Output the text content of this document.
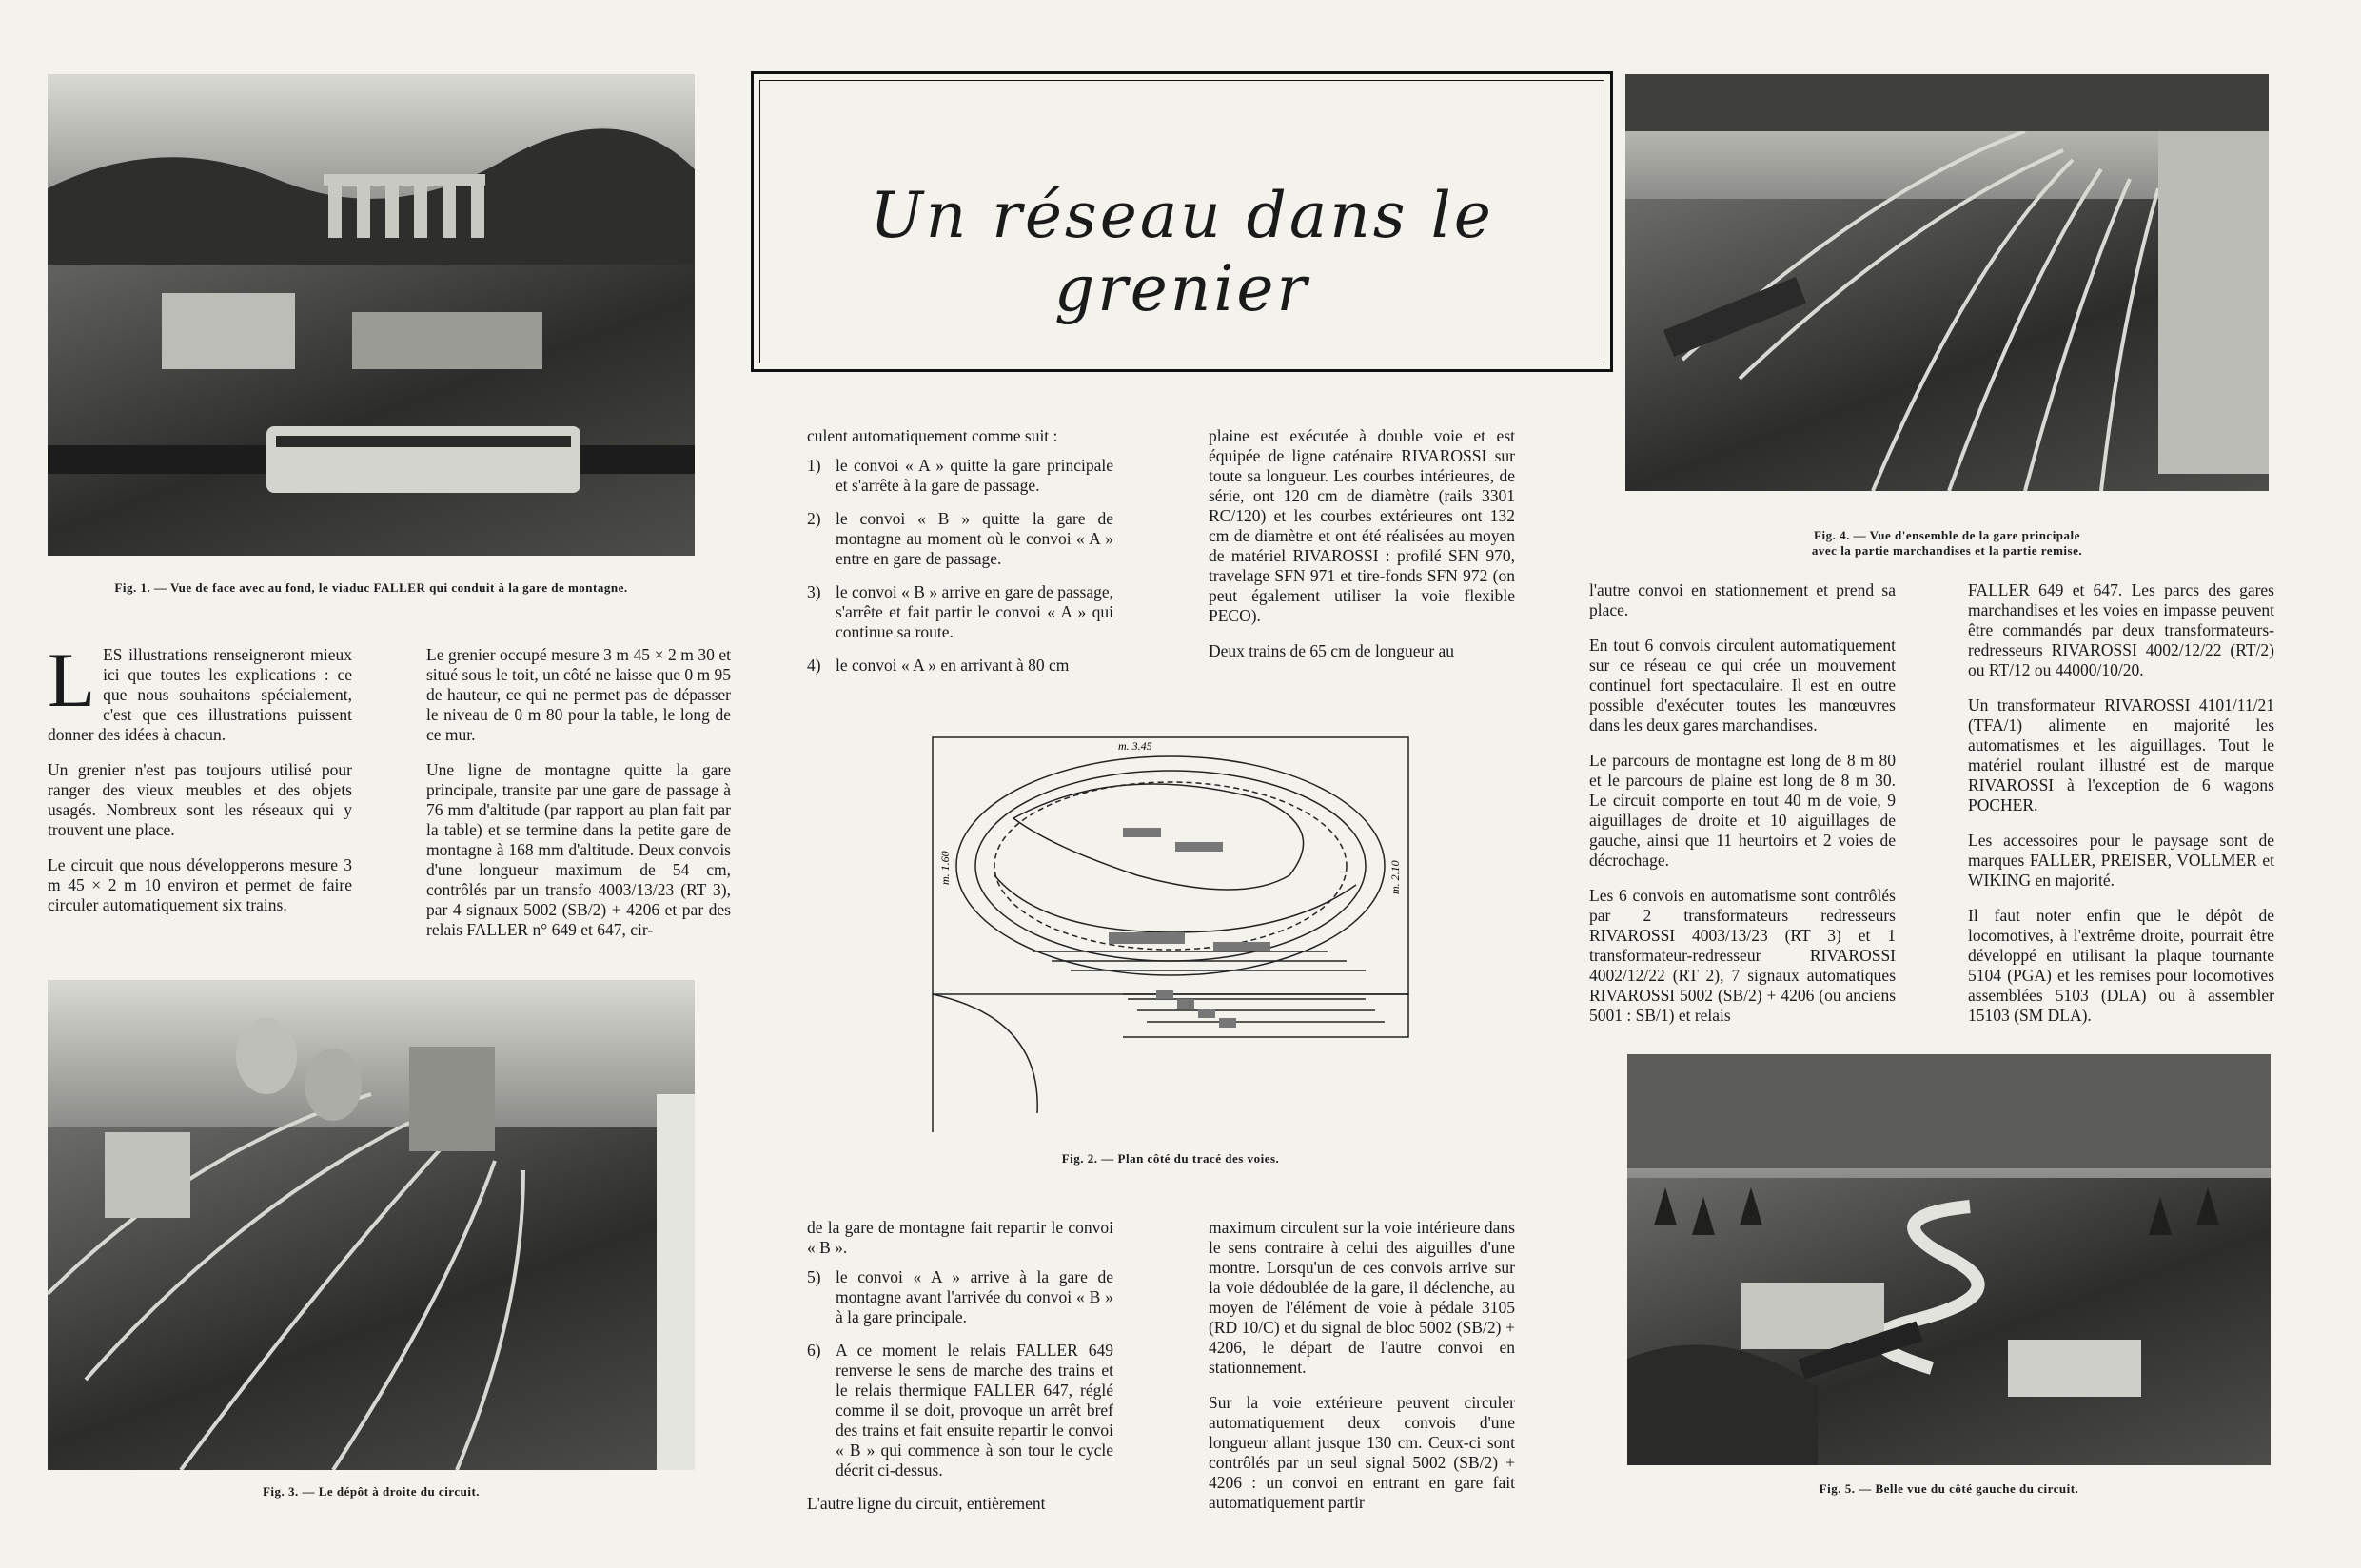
Fig. 1. — Vue de face avec au fond, le viaduc FALLER qui conduit à la gare de montagne.
Fig. 2. — Plan côté du tracé des voies.
Fig. 3. — Le dépôt à droite du circuit.
Fig. 4. — Vue d'ensemble de la gare principale
avec la partie marchandises et la partie remise.
Fig. 5. — Belle vue du côté gauche du circuit.
Un réseau dans le grenier
m. 3.45
m. 1.60	m. 2.10

LES illustrations renseigneront mieux ici que toutes les explications : ce que nous souhaitons spécialement, c'est que ces illustrations puissent donner des idées à chacun.

Un grenier n'est pas toujours utilisé pour ranger des vieux meubles et des objets usagés. Nombreux sont les réseaux qui y trouvent une place.

Le circuit que nous développerons mesure 3 m 45 × 2 m 10 environ et permet de faire circuler automatiquement six trains.

Le grenier occupé mesure 3 m 45 × 2 m 30 et situé sous le toit, un côté ne laisse que 0 m 95 de hauteur, ce qui ne permet pas de dépasser le niveau de 0 m 80 pour la table, le long de ce mur.

Une ligne de montagne quitte la gare principale, transite par une gare de passage à 76 mm d'altitude (par rapport au plan fait par la table) et se termine dans la petite gare de montagne à 168 mm d'altitude. Deux convois d'une longueur maximum de 54 cm, contrôlés par un transfo 4003/13/23 (RT 3), par 4 signaux 5002 (SB/2) + 4206 et par des relais FALLER n° 649 et 647, cir-

culent automatiquement comme suit :

1) le convoi « A » quitte la gare principale et s'arrête à la gare de passage.
2) le convoi « B » quitte la gare de montagne au moment où le convoi « A » entre en gare de passage.
3) le convoi « B » arrive en gare de passage, s'arrête et fait partir le convoi « A » qui continue sa route.
4) le convoi « A » en arrivant à 80 cm

plaine est exécutée à double voie et est équipée de ligne caténaire RIVAROSSI sur toute sa longueur. Les courbes intérieures, de série, ont 120 cm de diamètre (rails 3301 RC/120) et les courbes extérieures ont 132 cm de diamètre et ont été réalisées au moyen de matériel RIVAROSSI : profilé SFN 970, travelage SFN 971 et tire-fonds SFN 972 (on peut également utiliser la voie flexible PECO).

Deux trains de 65 cm de longueur au

l'autre convoi en stationnement et prend sa place.

En tout 6 convois circulent automatiquement sur ce réseau ce qui crée un mouvement continuel fort spectaculaire. Il est en outre possible d'exécuter toutes les manœuvres dans les deux gares marchandises.

Le parcours de montagne est long de 8 m 80 et le parcours de plaine est long de 8 m 30. Le circuit comporte en tout 40 m de voie, 9 aiguillages de droite et 10 aiguillages de gauche, ainsi que 11 heurtoirs et 2 voies de décrochage.

Les 6 convois en automatisme sont contrôlés par 2 transformateurs redresseurs RIVAROSSI 4003/13/23 (RT 3) et 1 transformateur-redresseur RIVAROSSI 4002/12/22 (RT 2), 7 signaux automatiques RIVAROSSI 5002 (SB/2) + 4206 (ou anciens 5001 : SB/1) et relais

FALLER 649 et 647. Les parcs des gares marchandises et les voies en impasse peuvent être commandés par deux transformateurs-redresseurs RIVAROSSI 4002/12/22 (RT/2) ou RT/12 ou 44000/10/20.

Un transformateur RIVAROSSI 4101/11/21 (TFA/1) alimente en majorité les automatismes et les aiguillages. Tout le matériel roulant illustré est de marque RIVAROSSI à l'exception de 6 wagons POCHER.

Les accessoires pour le paysage sont de marques FALLER, PREISER, VOLLMER et WIKING en majorité.

Il faut noter enfin que le dépôt de locomotives, à l'extrême droite, pourrait être développé en utilisant la plaque tournante 5104 (PGA) et les remises pour locomotives assemblées 5103 (DLA) ou à assembler 15103 (SM DLA).

de la gare de montagne fait repartir le convoi « B ».

5) le convoi « A » arrive à la gare de montagne avant l'arrivée du convoi « B » à la gare principale.
6) A ce moment le relais FALLER 649 renverse le sens de marche des trains et le relais thermique FALLER 647, réglé comme il se doit, provoque un arrêt bref des trains et fait ensuite repartir le convoi « B » qui commence à son tour le cycle décrit ci-dessus.

L'autre ligne du circuit, entièrement

maximum circulent sur la voie intérieure dans le sens contraire à celui des aiguilles d'une montre. Lorsqu'un de ces convois arrive sur la voie dédoublée de la gare, il déclenche, au moyen de l'élément de voie à pédale 3105 (RD 10/C) et du signal de bloc 5002 (SB/2) + 4206, le départ de l'autre convoi en stationnement.

Sur la voie extérieure peuvent circuler automatiquement deux convois d'une longueur allant jusque 130 cm. Ceux-ci sont contrôlés par un seul signal 5002 (SB/2) + 4206 : un convoi en entrant en gare fait automatiquement partir
